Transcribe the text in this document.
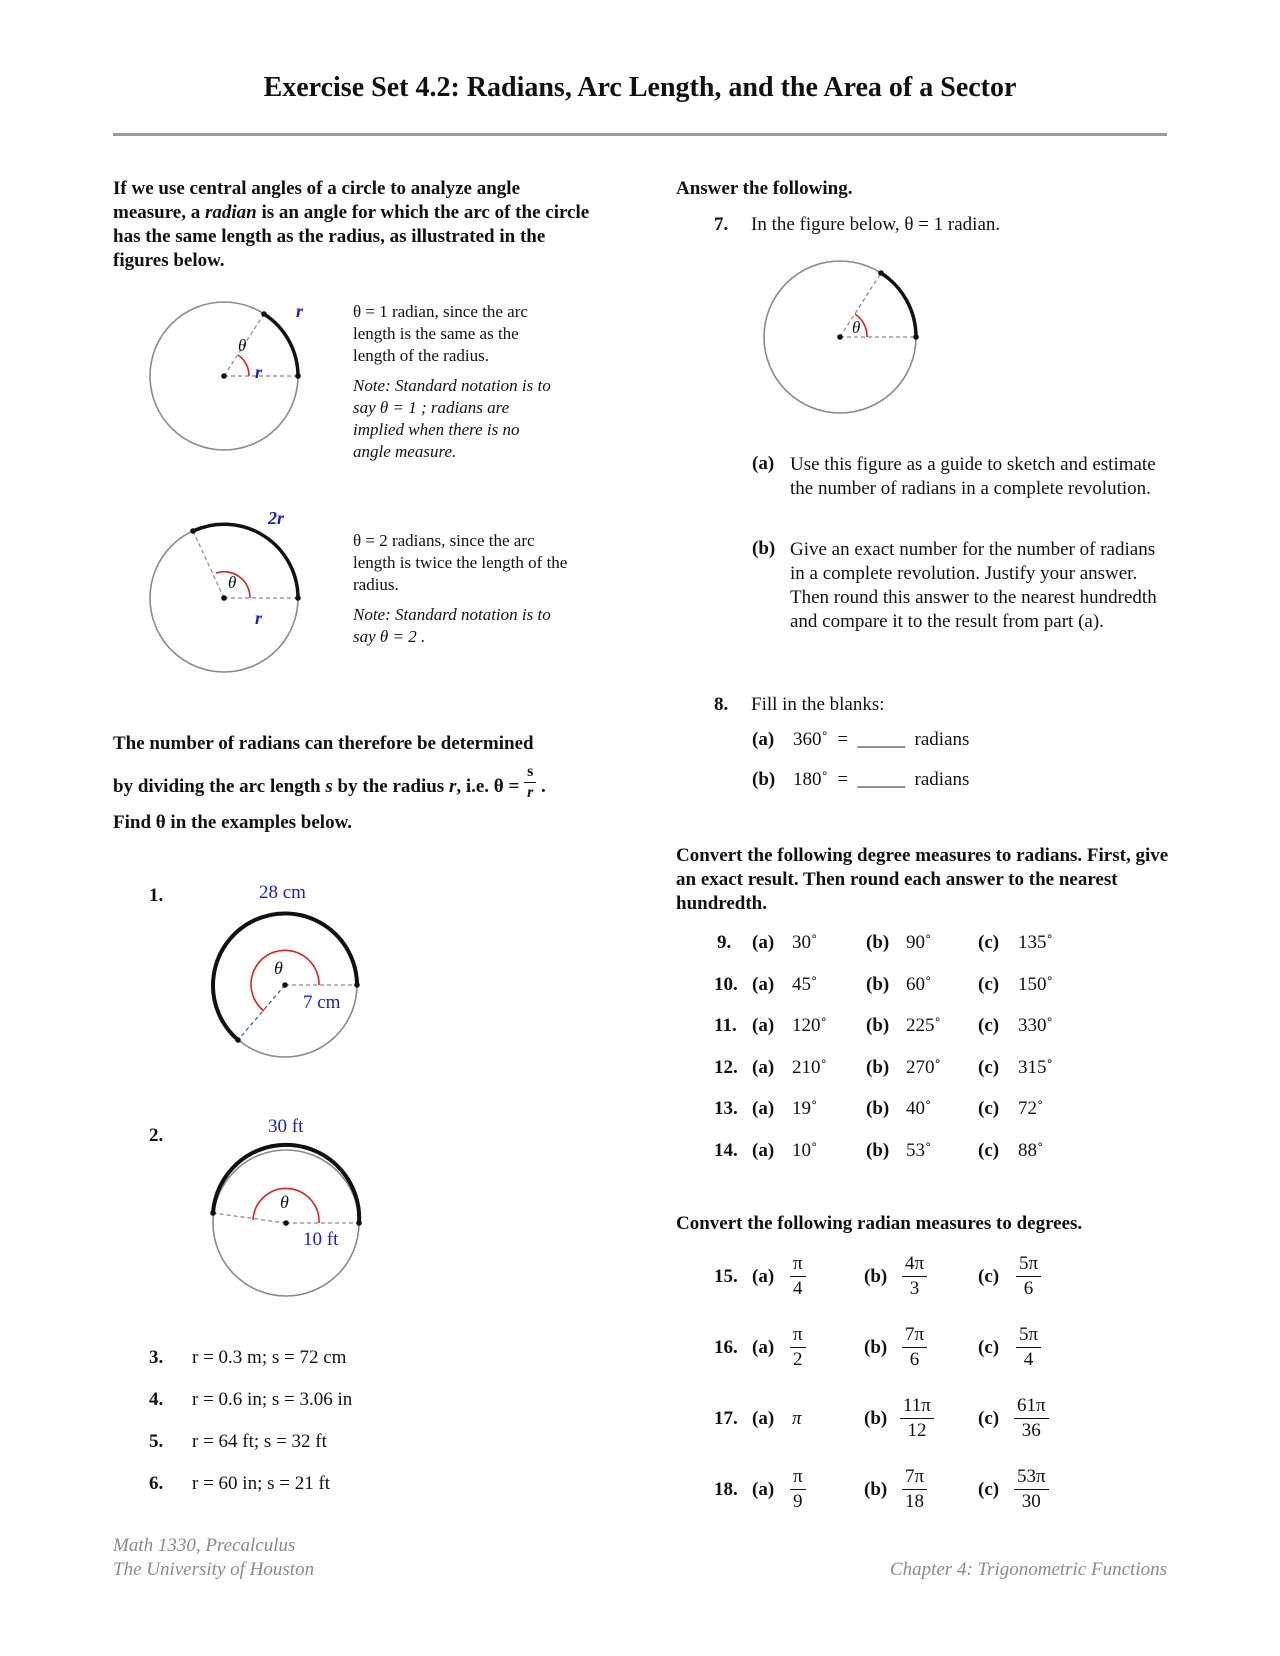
Exercise Set 4.2: Radians, Arc Length, and the Area of a Sector
If we use central angles of a circle to analyze angle measure, a radian is an angle for which the arc of the circle has the same length as the radius, as illustrated in the figures below.
θ
r
r
θ = 1 radian, since the arc length is the same as the length of the radius.
Note: Standard notation is to say θ = 1 ; radians are implied when there is no angle measure.
θ
2r
r
θ = 2 radians, since the arc length is twice the length of the radius.
Note: Standard notation is to say θ = 2 .
The number of radians can therefore be determined
by dividing the arc length s by the radius r, i.e. $\theta = \frac{s}{r}$ .
Find θ in the examples below.
1.	28 cm
θ
7 cm
2.	30 ft
θ
10 ft
3. r = 0.3 m; s = 72 cm
4. r = 0.6 in; s = 3.06 in
5. r = 64 ft; s = 32 ft
6. r = 60 in; s = 21 ft
Answer the following.
7. In the figure below, θ = 1 radian.
θ
(a) Use this figure as a guide to sketch and estimate the number of radians in a complete revolution.
(b) Give an exact number for the number of radians in a complete revolution. Justify your answer. Then round this answer to the nearest hundredth and compare it to the result from part (a).
8. Fill in the blanks:
(a) 360˚  =  _____  radians
(b) 180˚  =  _____  radians
Convert the following degree measures to radians. First, give an exact result. Then round each answer to the nearest hundredth.
9. (a) 30˚	(b) 90˚ (c) 135˚
10. (a) 45˚	(b) 60˚ (c) 150˚
11. (a) 120˚ (b) 225˚ (c) 330˚
12. (a) 210˚ (b) 270˚ (c) 315˚
13. (a) 19˚	(b) 40˚ (c) 72˚
14. (a) 10˚	(b) 53˚ (c) 88˚
Convert the following radian measures to degrees.
15. $(a) \frac{\pi}{4}$	$(b) \frac{4\pi}{3}$	$(c) \frac{5\pi}{6}$
16. $(a) \frac{\pi}{2}$	$(b) \frac{7\pi}{6}$	$(c) \frac{5\pi}{4}$
17. (a) π	$(b) \frac{11\pi}{12} (c) \frac{61\pi}{36}$
18. $(a) \frac{\pi}{9}$	$(b) \frac{7\pi}{18}$	$(c) \frac{53\pi}{30}$
Math 1330, Precalculus
The University of Houston	Chapter 4: Trigonometric Functions
